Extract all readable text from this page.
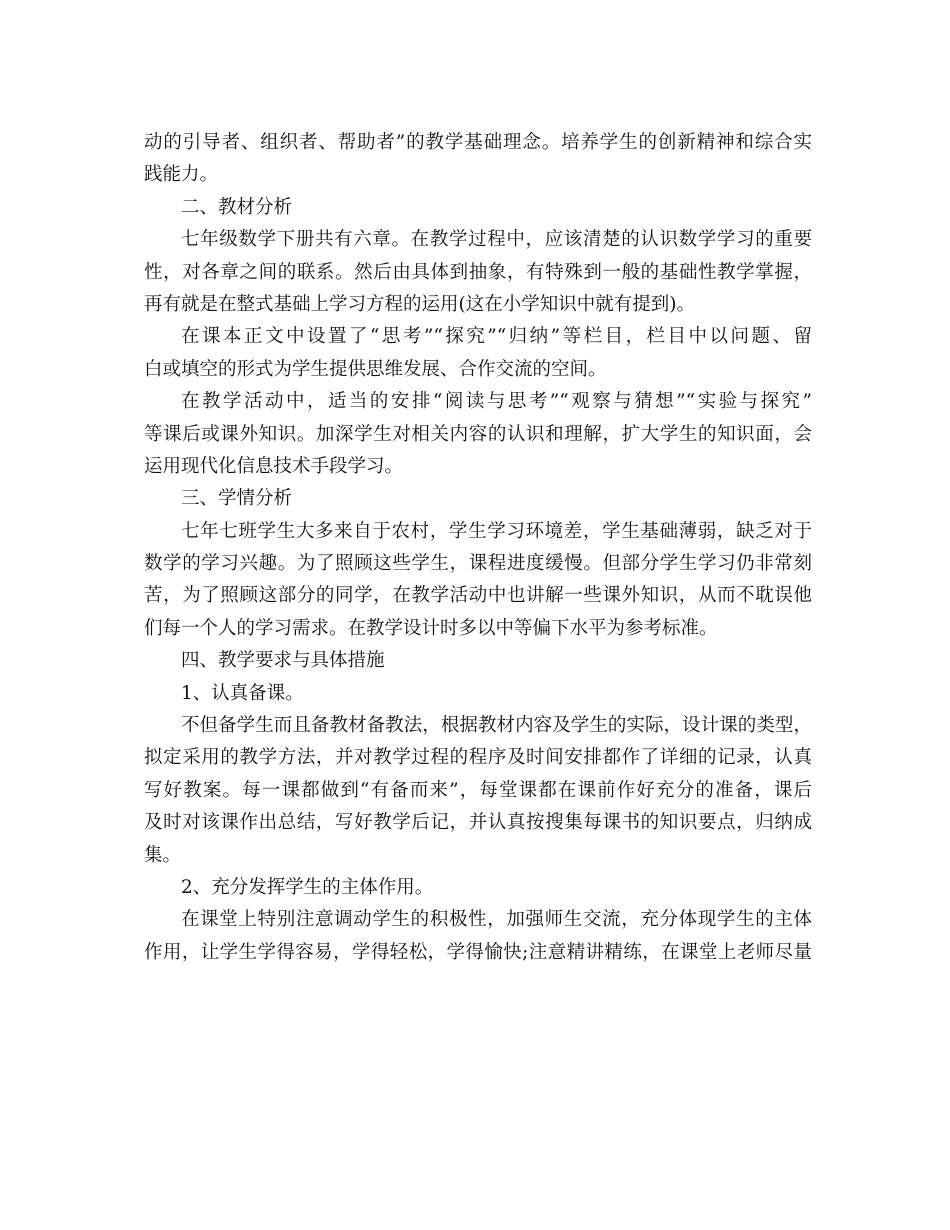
动的引导者、组织者、帮助者”的教学基础理念。培养学生的创新精神和综合实
践能力。
二、教材分析
七年级数学下册共有六章。在教学过程中，应该清楚的认识数学学习的重要
性，对各章之间的联系。然后由具体到抽象，有特殊到一般的基础性教学掌握，
再有就是在整式基础上学习方程的运用(这在小学知识中就有提到)。
在课本正文中设置了“思考”“探究”“归纳”等栏目，栏目中以问题、留
白或填空的形式为学生提供思维发展、合作交流的空间。
在教学活动中，适当的安排“阅读与思考”“观察与猜想”“实验与探究”
等课后或课外知识。加深学生对相关内容的认识和理解，扩大学生的知识面，会
运用现代化信息技术手段学习。
三、学情分析
七年七班学生大多来自于农村，学生学习环境差，学生基础薄弱，缺乏对于
数学的学习兴趣。为了照顾这些学生，课程进度缓慢。但部分学生学习仍非常刻
苦，为了照顾这部分的同学，在教学活动中也讲解一些课外知识，从而不耽误他
们每一个人的学习需求。在教学设计时多以中等偏下水平为参考标准。
四、教学要求与具体措施
1、认真备课。
不但备学生而且备教材备教法，根据教材内容及学生的实际，设计课的类型，
拟定采用的教学方法，并对教学过程的程序及时间安排都作了详细的记录，认真
写好教案。每一课都做到“有备而来”，每堂课都在课前作好充分的准备，课后
及时对该课作出总结，写好教学后记，并认真按搜集每课书的知识要点，归纳成
集。
2、充分发挥学生的主体作用。
在课堂上特别注意调动学生的积极性，加强师生交流，充分体现学生的主体
作用，让学生学得容易，学得轻松，学得愉快;注意精讲精练，在课堂上老师尽量
